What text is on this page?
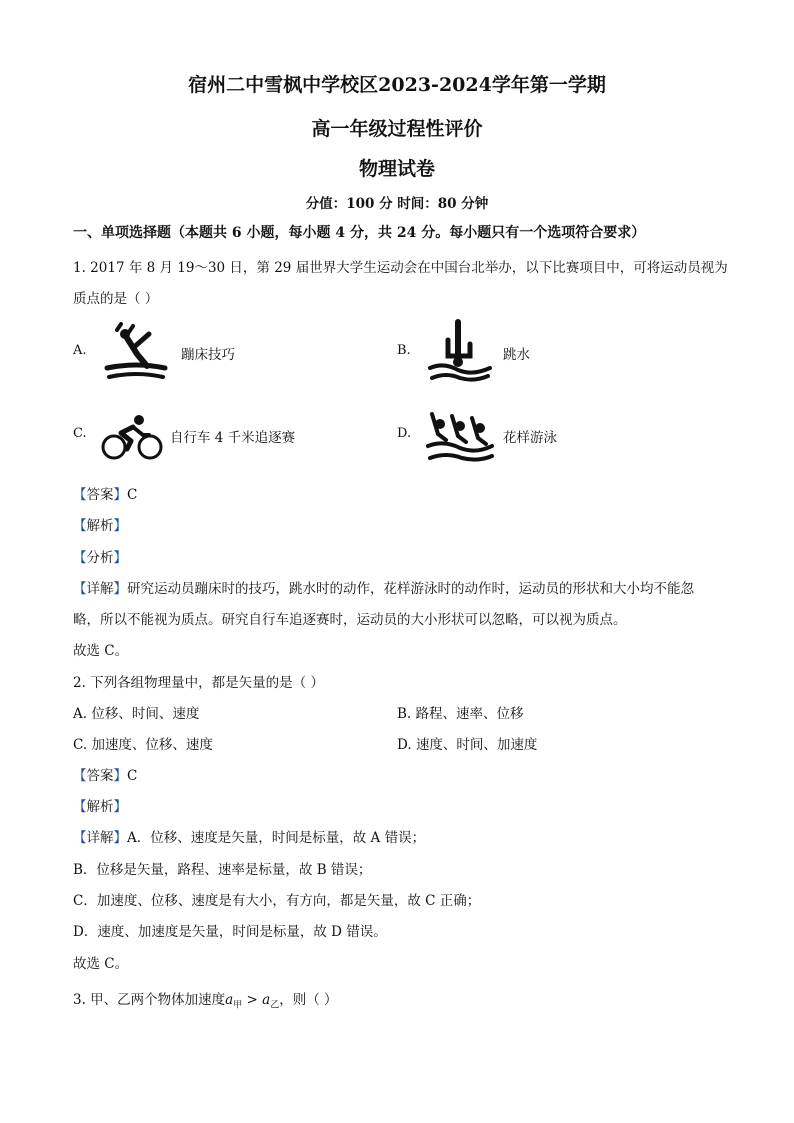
宿州二中雪枫中学校区2023-2024学年第一学期
高一年级过程性评价
物理试卷
分值：100 分 时间：80 分钟
一、单项选择题（本题共 6 小题，每小题 4 分，共 24 分。每小题只有一个选项符合要求）
1. 2017 年 8 月 19～30 日，第 29 届世界大学生运动会在中国台北举办，以下比赛项目中，可将运动员视为
质点的是（ ）
A.	蹦床技巧	B.	跳水
C.	自行车 4 千米追逐赛	D.	花样游泳
【答案】C
【解析】
【分析】
【详解】研究运动员蹦床时的技巧，跳水时的动作，花样游泳时的动作时，运动员的形状和大小均不能忽
略，所以不能视为质点。研究自行车追逐赛时，运动员的大小形状可以忽略，可以视为质点。
故选 C。
2. 下列各组物理量中，都是矢量的是（ ）
A. 位移、时间、速度	B. 路程、速率、位移
C. 加速度、位移、速度	D. 速度、时间、加速度
【答案】C
【解析】
【详解】A．位移、速度是矢量，时间是标量，故 A 错误；
B．位移是矢量，路程、速率是标量，故 B 错误；
C．加速度、位移、速度是有大小，有方向，都是矢量，故 C 正确；
D．速度、加速度是矢量，时间是标量，故 D 错误。
故选 C。
3. 甲、乙两个物体加速度$a_甲 > a_乙$，则（ ）
